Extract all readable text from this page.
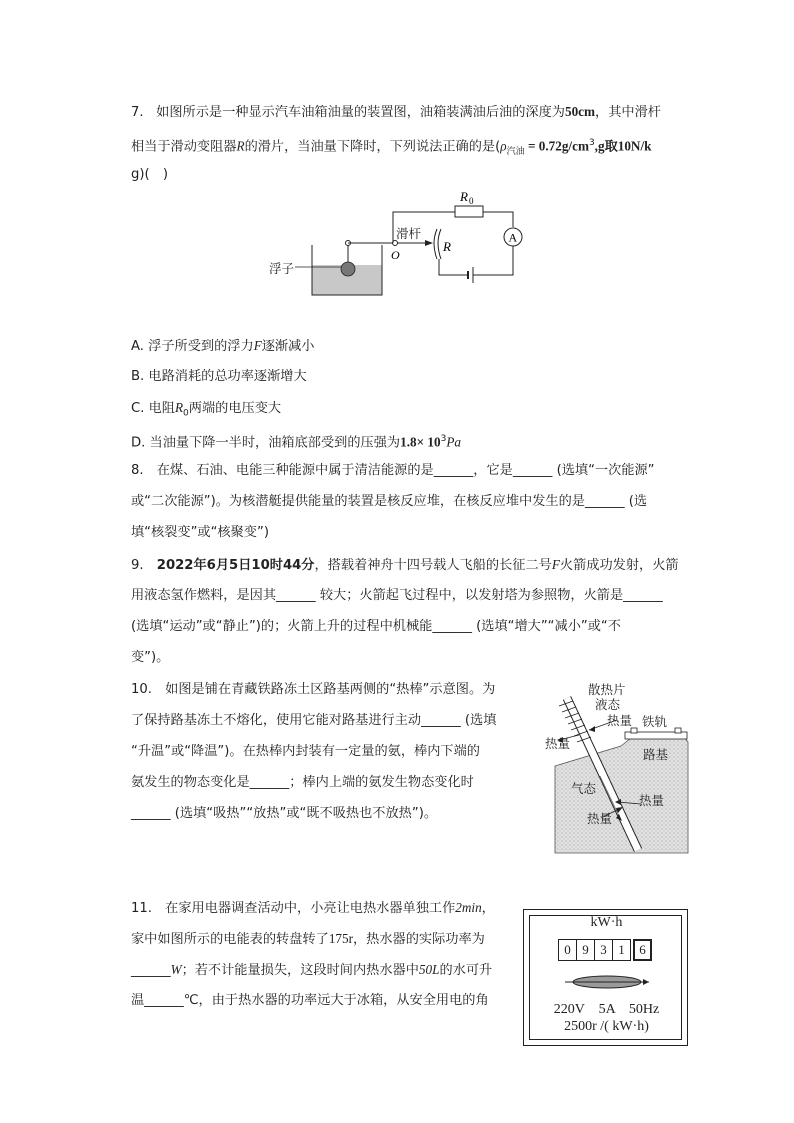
7. 如图所示是一种显示汽车油箱油量的装置图，油箱装满油后油的深度为50cm，其中滑杆
相当于滑动变阻器R的滑片，当油量下降时，下列说法正确的是($\rho_{汽油} = 0.72g/cm^3,g$取10N/k
g)(　)
A
R 0
滑杆
R
O
浮子
A. 浮子所受到的浮力F逐渐减小
B. 电路消耗的总功率逐渐增大
C. 电阻$R_0$两端的电压变大
D. 当油量下降一半时，油箱底部受到的压强为$1.8\times 10^3Pa$
8.　在煤、石油、电能三种能源中属于清洁能源的是______，它是______ (选填“一次能源”
或“二次能源”)。为核潜艇提供能量的装置是核反应堆，在核反应堆中发生的是______ (选
填“核裂变”或“核聚变”)
9.　2022年6月5日10时44分，搭载着神舟十四号载人飞船的长征二号F火箭成功发射，火箭
用液态氢作燃料，是因其______ 较大；火箭起飞过程中，以发射塔为参照物，火箭是______
(选填“运动”或“静止”)的；火箭上升的过程中机械能______ (选填“增大”“减小”或“不
变”)。
10.　如图是铺在青藏铁路冻土区路基两侧的“热棒”示意图。为
了保持路基冻土不熔化，使用它能对路基进行主动______ (选填
“升温”或“降温”)。在热棒内封装有一定量的氨，棒内下端的
氨发生的物态变化是______；棒内上端的氨发生物态变化时
______ (选填“吸热”“放热”或“既不吸热也不放热”)。
散热片
液态
热量 铁轨
热量
路基
气态
热量
热量
11.　在家用电器调查活动中，小亮让电热水器单独工作2min，
家中如图所示的电能表的转盘转了175r，热水器的实际功率为
______W；若不计能量损失，这段时间内热水器中50L的水可升
温______℃，由于热水器的功率远大于冰箱，从安全用电的角
kW·h
0 9 3 1	6
220V　5A　50Hz
2500r /( kW·h)
